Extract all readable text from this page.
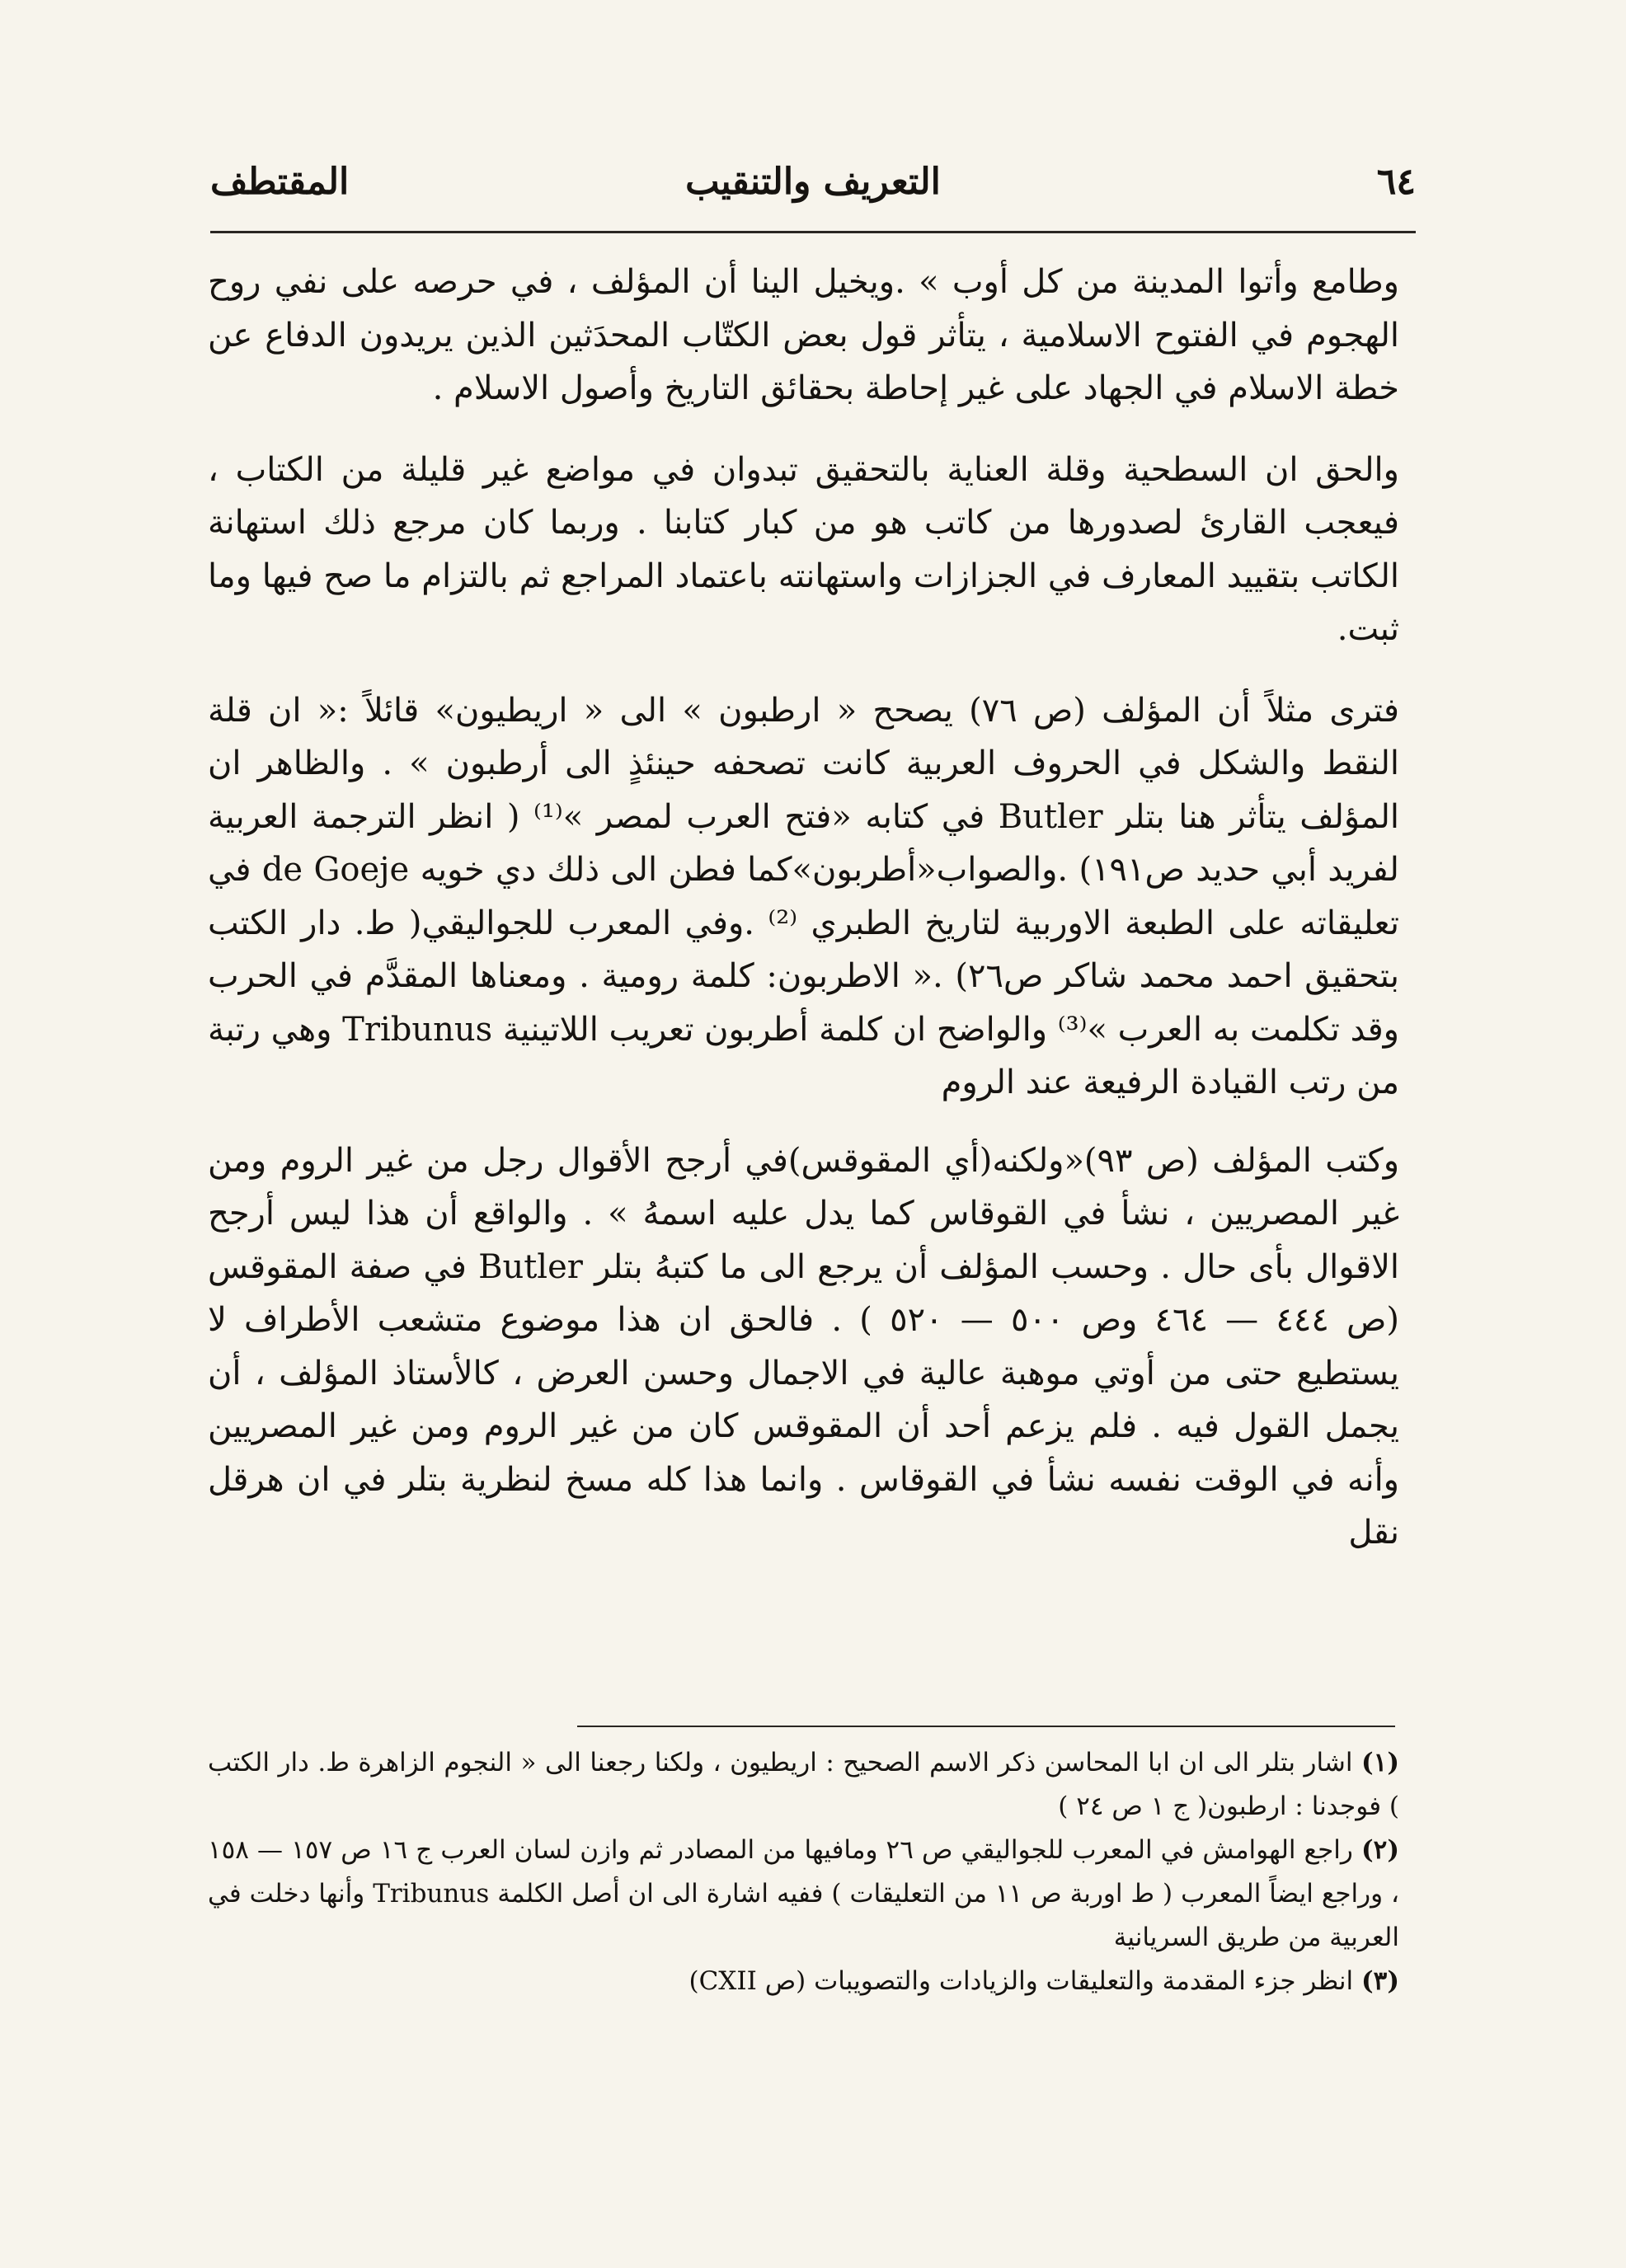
٦٤
التعريف والتنقيب
المقتطف

وطامع وأتوا المدينة من كل أوب » .ويخيل الينا أن المؤلف ، في حرصه على نفي روح الهجوم في الفتوح الاسلامية ، يتأثر قول بعض الكتّاب المحدَثين الذين يريدون الدفاع عن خطة الاسلام في الجهاد على غير إحاطة بحقائق التاريخ وأصول الاسلام .

والحق ان السطحية وقلة العناية بالتحقيق تبدوان في مواضع غير قليلة من الكتاب ، فيعجب القارئ لصدورها من كاتب هو من كبار كتابنا . وربما كان مرجع ذلك استهانة الكاتب بتقييد المعارف في الجزازات واستهانته باعتماد المراجع ثم بالتزام ما صح فيها وما ثبت.

فترى مثلاً أن المؤلف (ص ٧٦) يصحح « ارطبون » الى « اريطيون» قائلاً :« ان قلة النقط والشكل في الحروف العربية كانت تصحفه حينئذٍ الى أرطبون » . والظاهر ان المؤلف يتأثر هنا بتلر Butler في كتابه «فتح العرب لمصر »⁽¹⁾ ( انظر الترجمة العربية لفريد أبي حديد ص١٩١) .والصواب«أطربون»كما فطن الى ذلك دي خويه de Goeje في تعليقاته على الطبعة الاوربية لتاريخ الطبري ⁽²⁾ .وفي المعرب للجواليقي( ط. دار الكتب بتحقيق احمد محمد شاكر ص٢٦) .« الاطربون: كلمة رومية . ومعناها المقدَّم في الحرب وقد تكلمت به العرب »⁽³⁾ والواضح ان كلمة أطربون تعريب اللاتينية Tribunus وهي رتبة من رتب القيادة الرفيعة عند الروم

وكتب المؤلف (ص ٩٣)«ولكنه(أي المقوقس)في أرجح الأقوال رجل من غير الروم ومن غير المصريين ، نشأ في القوقاس كما يدل عليه اسمهُ » . والواقع أن هذا ليس أرجح الاقوال بأى حال . وحسب المؤلف أن يرجع الى ما كتبهُ بتلر Butler في صفة المقوقس (ص ٤٤٤ — ٤٦٤ وص ٥٠٠ — ٥٢٠ ) . فالحق ان هذا موضوع متشعب الأطراف لا يستطيع حتى من أوتي موهبة عالية في الاجمال وحسن العرض ، كالأستاذ المؤلف ، أن يجمل القول فيه . فلم يزعم أحد أن المقوقس كان من غير الروم ومن غير المصريين وأنه في الوقت نفسه نشأ في القوقاس . وانما هذا كله مسخ لنظرية بتلر في ان هرقل نقل

(١) اشار بتلر الى ان ابا المحاسن ذكر الاسم الصحيح : اريطيون ، ولكنا رجعنا الى « النجوم الزاهرة ط. دار الكتب ) فوجدنا : ارطبون( ج ١ ص ٢٤ )

(٢) راجع الهوامش في المعرب للجواليقي ص ٢٦ ومافيها من المصادر ثم وازن لسان العرب ج ١٦ ص ١٥٧ — ١٥٨ ، وراجع ايضاً المعرب ( ط اوربة ص ١١ من التعليقات ) ففيه اشارة الى ان أصل الكلمة Tribunus وأنها دخلت في العربية من طريق السريانية

(٣) انظر جزء المقدمة والتعليقات والزيادات والتصويبات (ص CXII)
